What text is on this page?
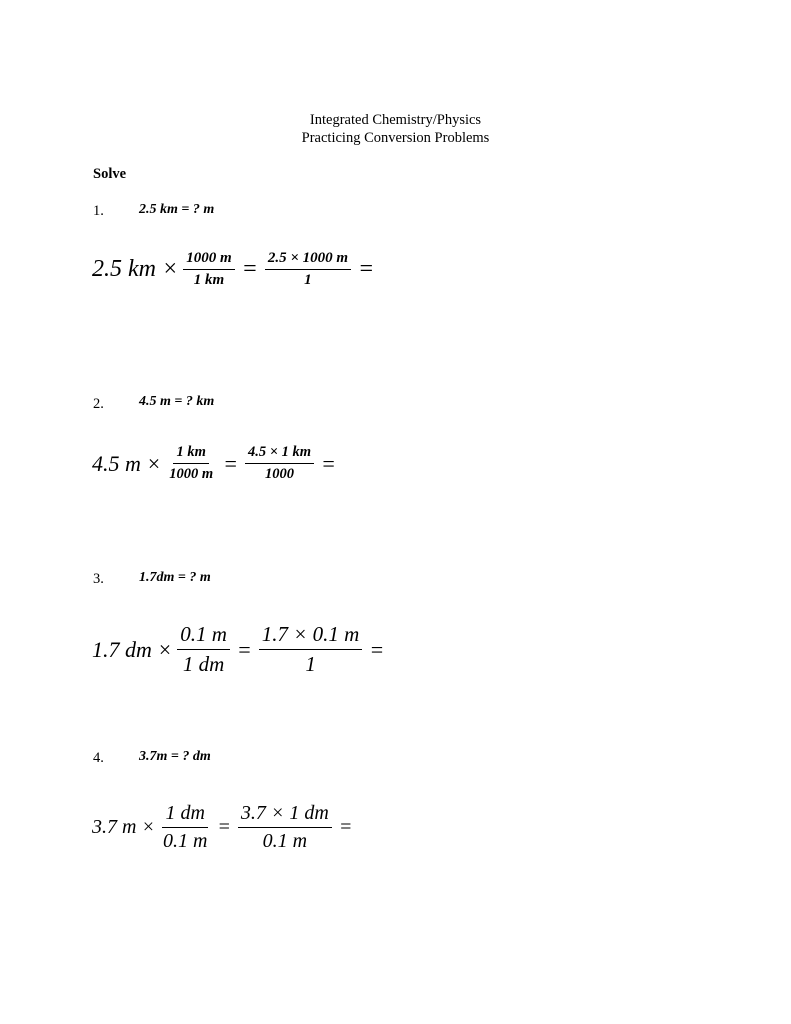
Integrated Chemistry/Physics
Practicing Conversion Problems
Solve
1.	2.5 km = ? m
2.5 km × $\frac{1000 m}{1 km} = \frac{2.5 \times 1000 m}{1}$ =
2.	4.5 m = ? km
4.5 $m \times \frac{1 km}{1000 m} = \frac{4.5 \times 1 km}{1000}$ =
3.	1.7dm = ? m
1.7 dm × $\frac{0.1 m}{1 dm} = \frac{1.7 \times 0.1 m}{1}$ =
4.	3.7m = ? dm
3.7 $m \times \frac{1 dm}{0.1 m} = \frac{3.7 \times 1 dm}{0.1 m}$ =
